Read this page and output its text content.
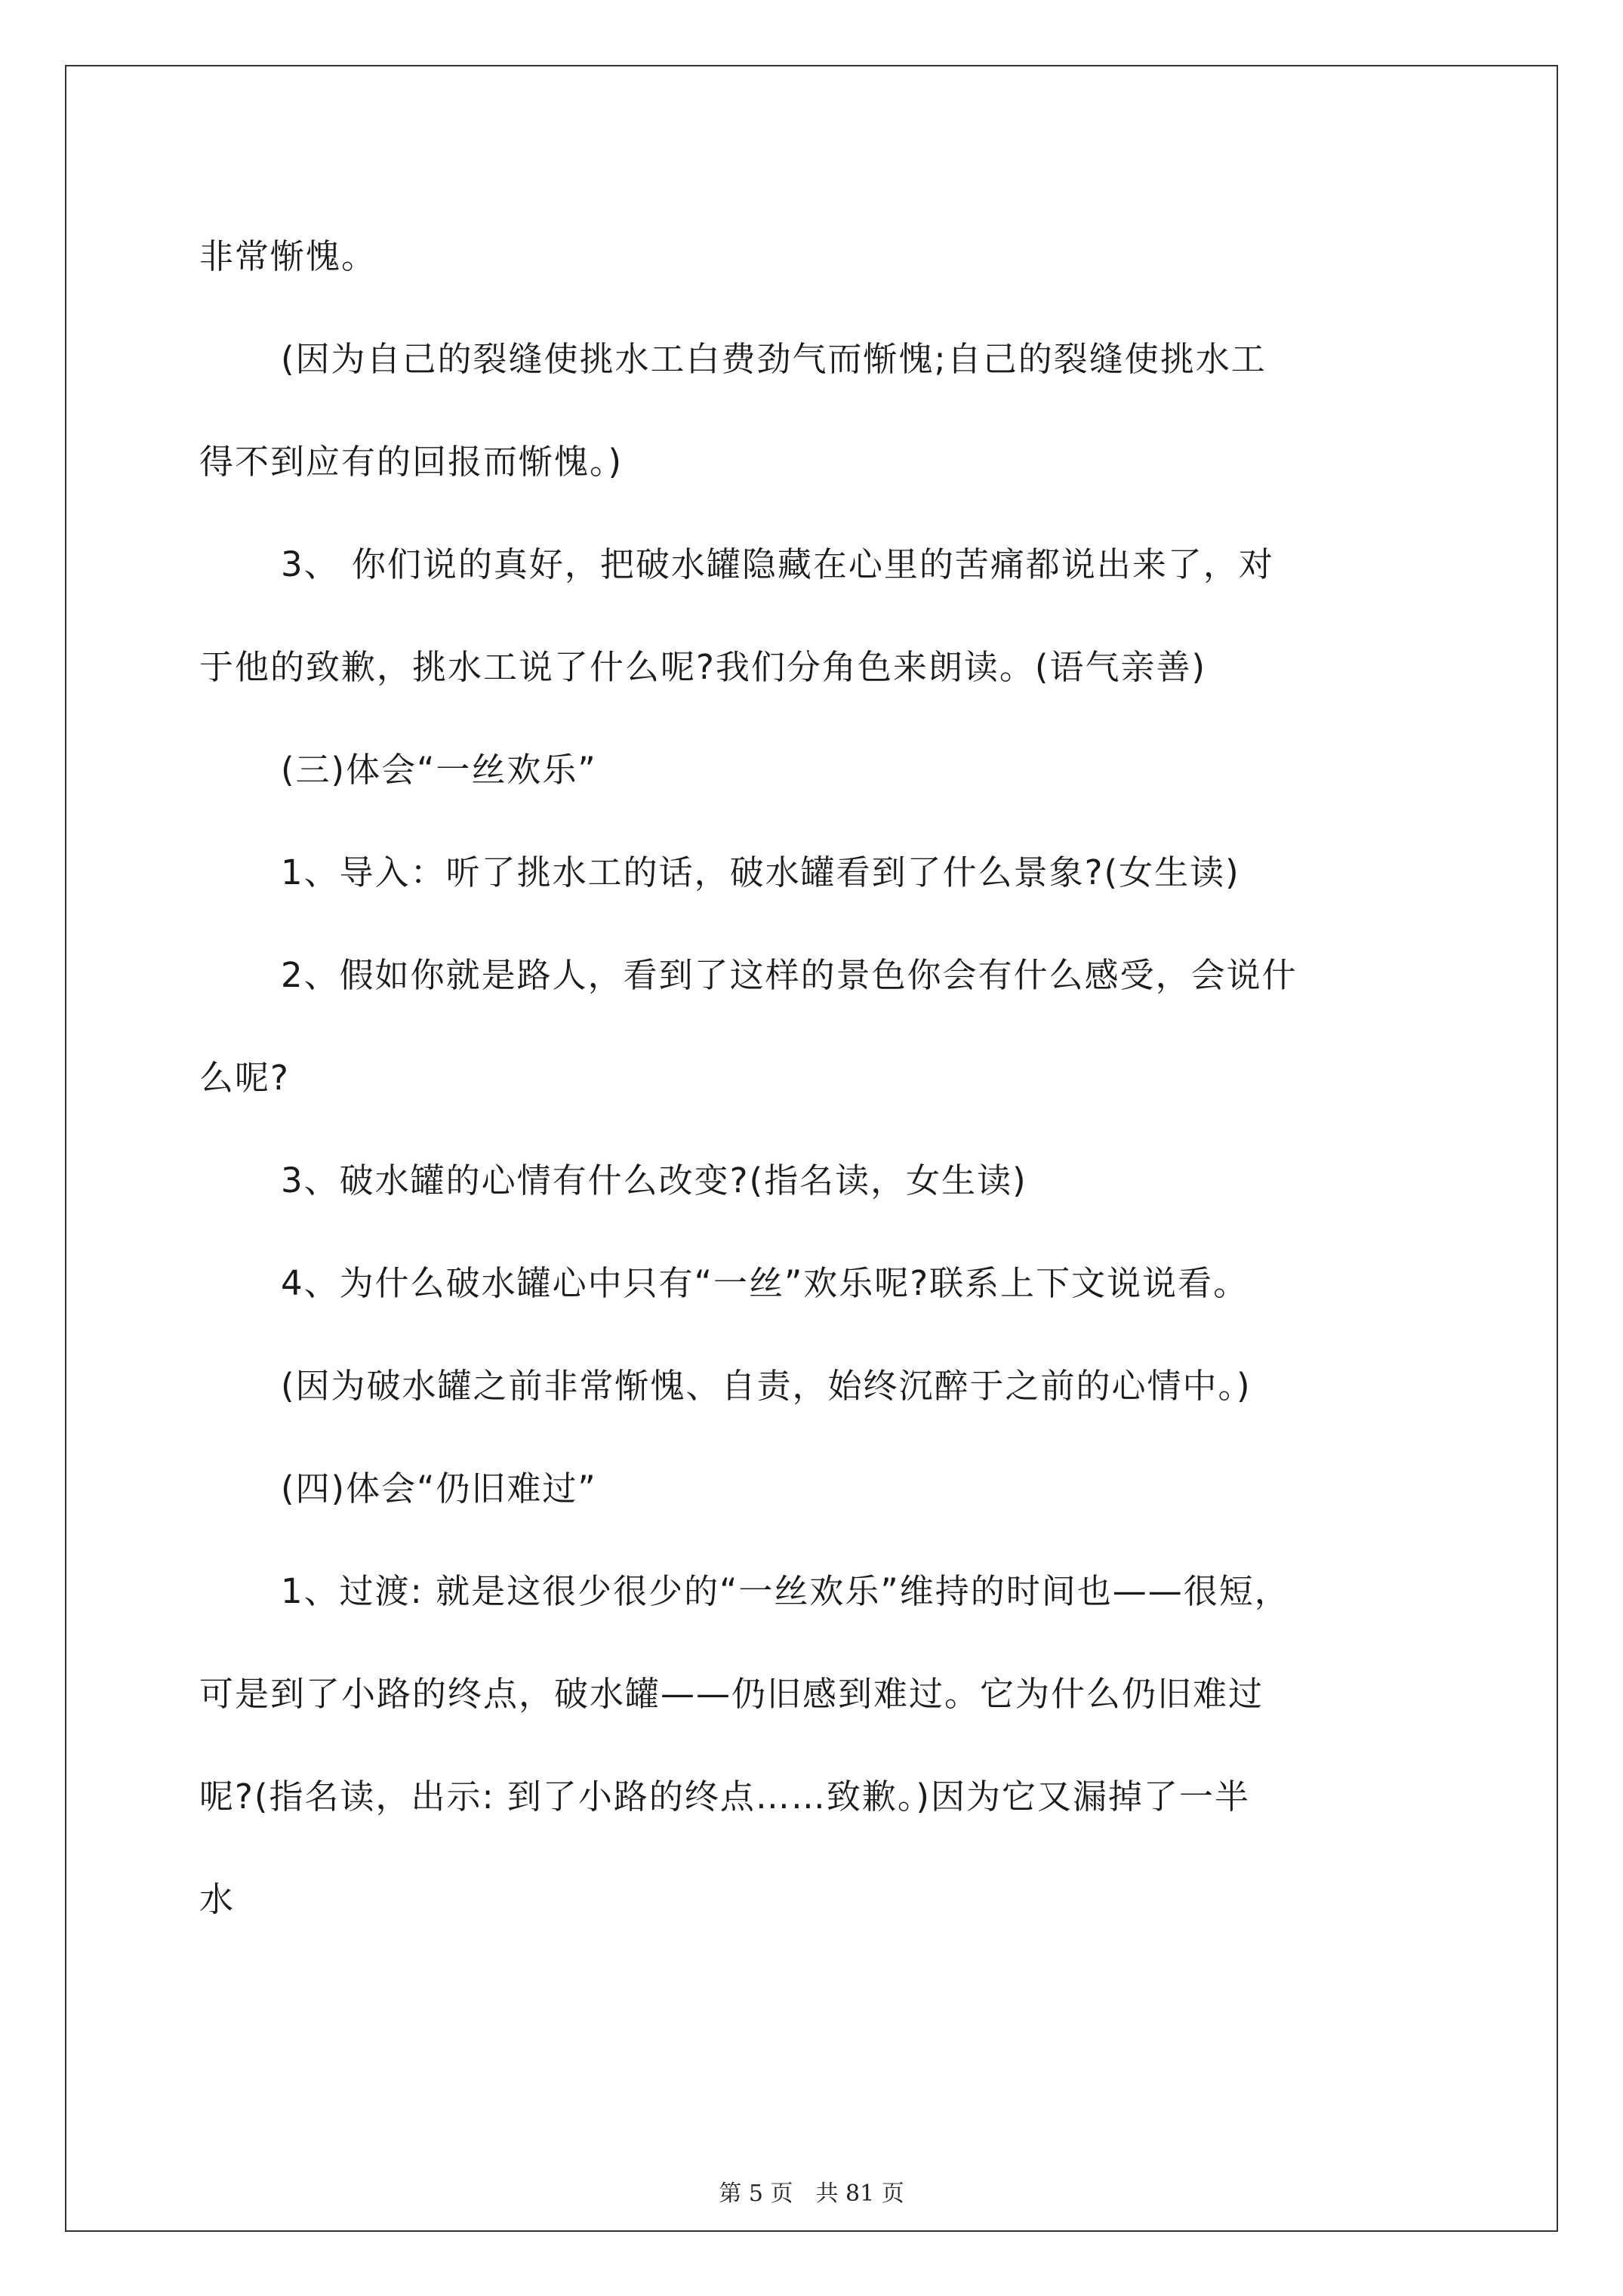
非常惭愧。
(因为自己的裂缝使挑水工白费劲气而惭愧;自己的裂缝使挑水工
得不到应有的回报而惭愧。)
3、 你们说的真好，把破水罐隐藏在心里的苦痛都说出来了，对
于他的致歉，挑水工说了什么呢?我们分角色来朗读。(语气亲善)
(三)体会“一丝欢乐”
1、导入：听了挑水工的话，破水罐看到了什么景象?(女生读)
2、假如你就是路人，看到了这样的景色你会有什么感受，会说什
么呢?
3、破水罐的心情有什么改变?(指名读，女生读)
4、为什么破水罐心中只有“一丝”欢乐呢?联系上下文说说看。
(因为破水罐之前非常惭愧、自责，始终沉醉于之前的心情中。)
(四)体会“仍旧难过”
1、过渡: 就是这很少很少的“一丝欢乐”维持的时间也——很短，
可是到了小路的终点，破水罐——仍旧感到难过。它为什么仍旧难过
呢?(指名读，出示: 到了小路的终点……致歉。)因为它又漏掉了一半
水
第 5 页　共 81 页
